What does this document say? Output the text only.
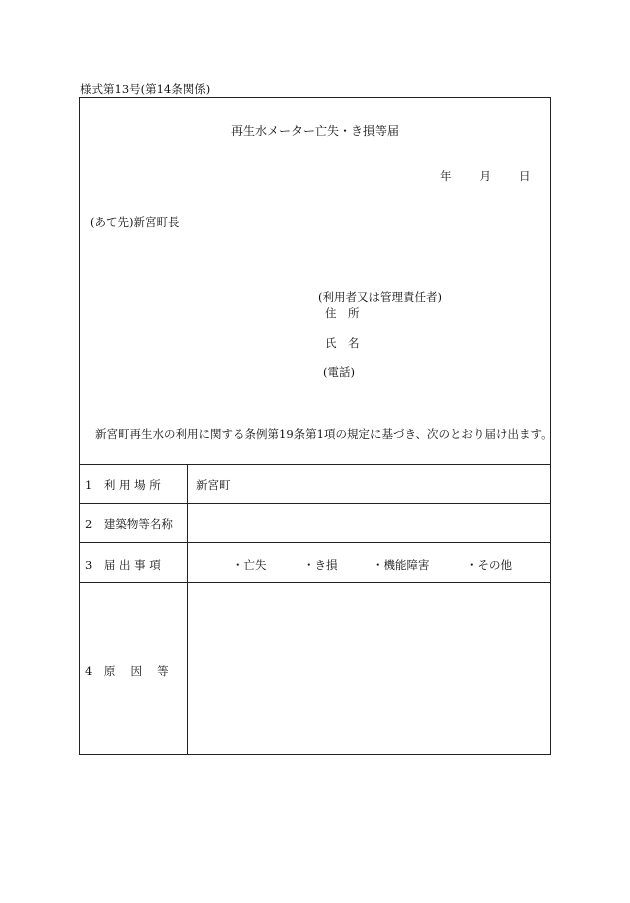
様式第13号(第14条関係)
再生水メーター亡失・き損等届
年 月 日
(あて先)新宮町長
(利用者又は管理責任者)
住　所
氏　名
(電話)
新宮町再生水の利用に関する条例第19条第1項の規定に基づき、次のとおり届け出ます。
1　利 用 場 所	新宮町
2　建築物等名称
3　届 出 事 項	・亡失	・き損	・機能障害	・その他
4　原　 因　 等
